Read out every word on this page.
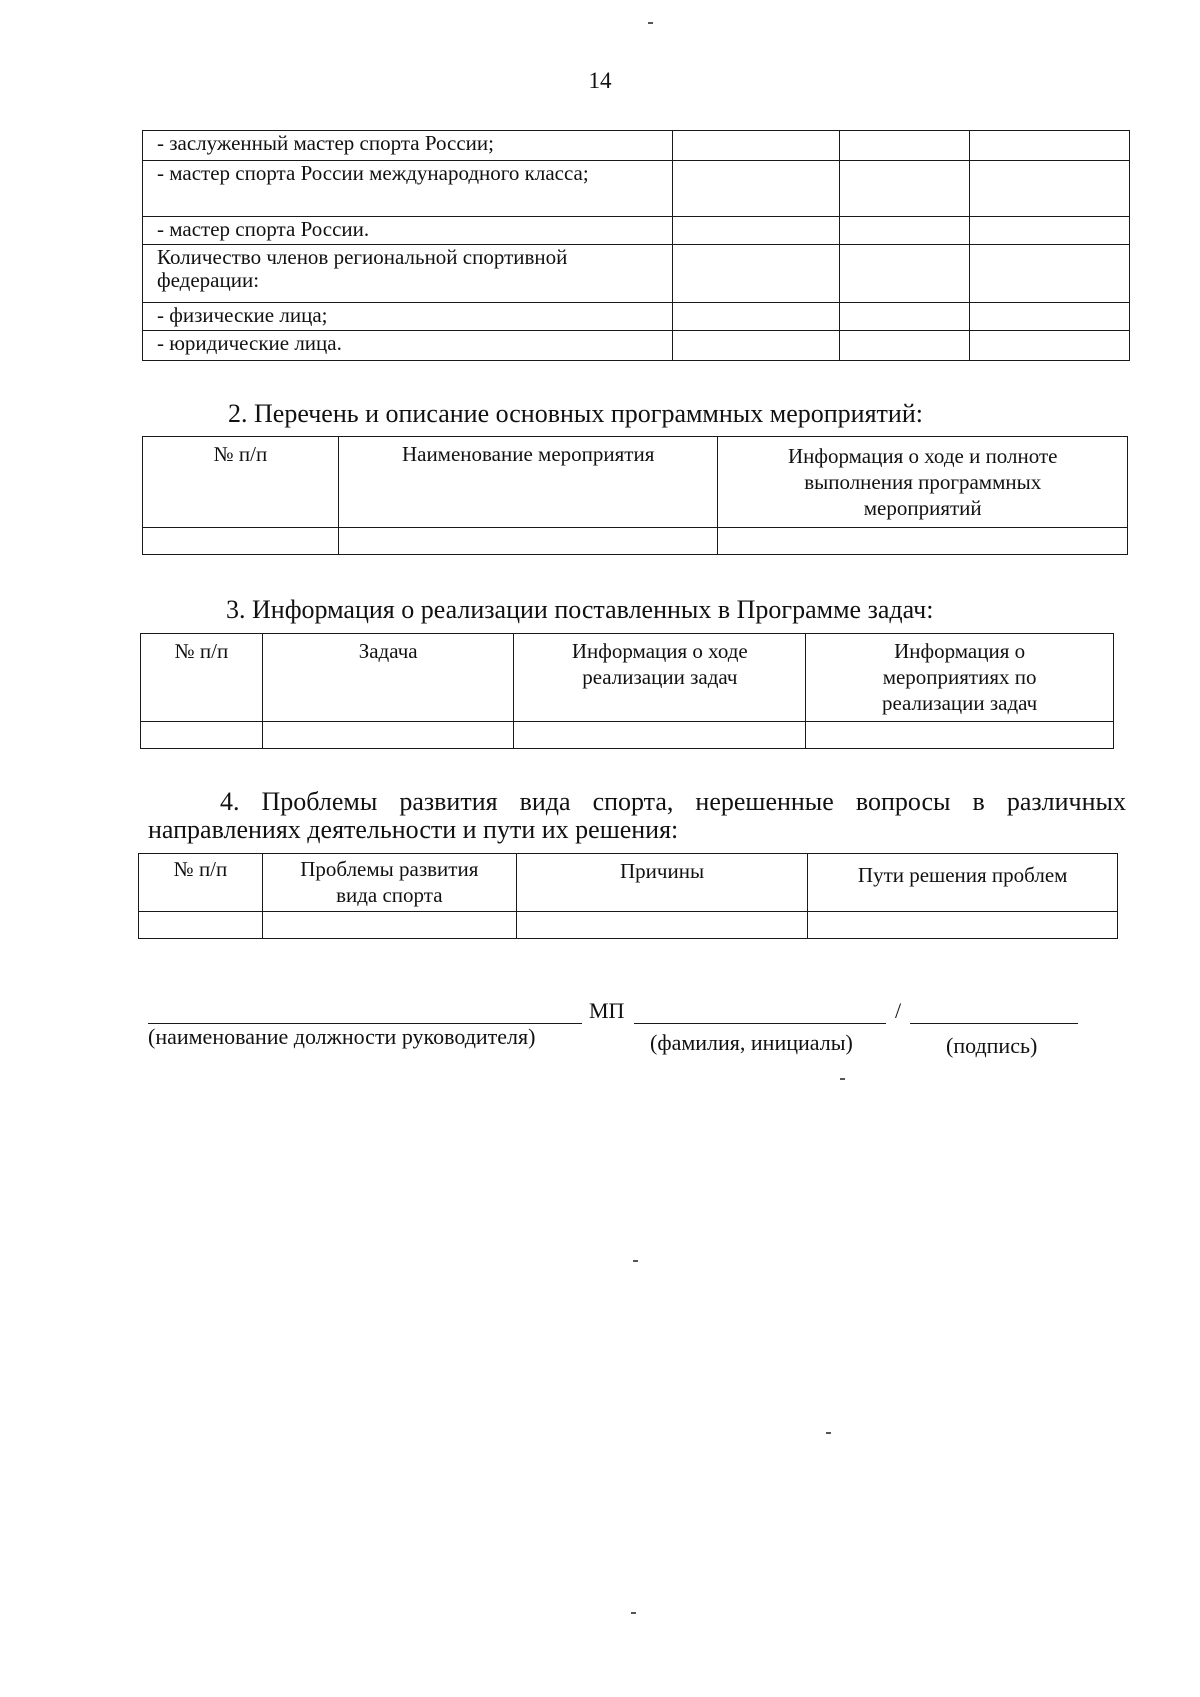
14
- заслуженный мастер спорта России;			
- мастер спорта России международного класса;			
- мастер спорта России.			
Количество членов региональной спортивной федерации:			
- физические лица;			
- юридические лица.			
2. Перечень и описание основных программных мероприятий:
№ п/п	Наименование мероприятия	Информация о ходе и полноте выполнения программных мероприятий

3. Информация о реализации поставленных в Программе задач:
№ п/п	Задача	Информация о ходе реализации задач	Информация о мероприятиях по реализации задач

4. Проблемы развития вида спорта, нерешенные вопросы в различных
направлениях деятельности и пути их решения:
№ п/п	Проблемы развития вида спорта	Причины	Пути решения проблем

МП	/
(наименование должности руководителя)	(фамилия, инициалы)	(подпись)
